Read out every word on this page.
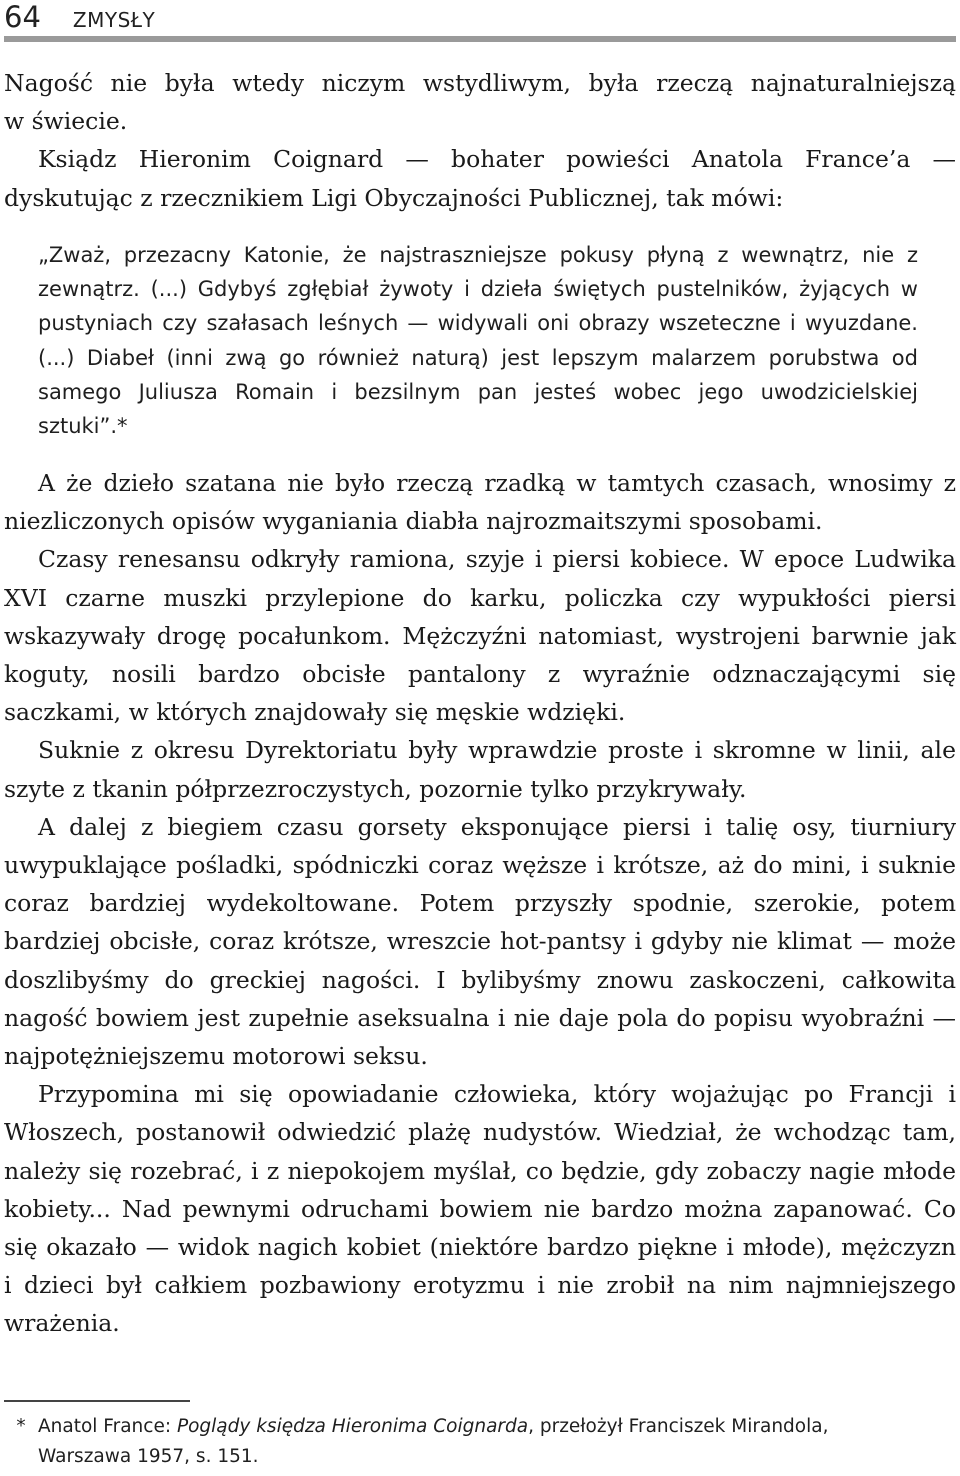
64 ZMYSŁY
Nagość nie była wtedy niczym wstydliwym, była rzeczą najnaturalniejszą
w świecie.
Ksiądz Hieronim Coignard — bohater powieści Anatola France’a — dyskutując z rzecznikiem Ligi Obyczajności Publicznej, tak mówi:

„Zważ, przezacny Katonie, że najstraszniejsze pokusy płyną z wewnątrz, nie z zewnątrz. (...) Gdybyś zgłębiał żywoty i dzieła świętych pustelników, żyjących w pustyniach czy szałasach leśnych — widywali oni obrazy wszeteczne i wyuzdane. (...) Diabeł (inni zwą go również naturą) jest lepszym malarzem porubstwa od samego Juliusza Romain i bezsilnym pan jesteś wobec jego uwodzicielskiej sztuki”.*

A że dzieło szatana nie było rzeczą rzadką w tamtych czasach, wnosimy z niezliczonych opisów wyganiania diabła najrozmaitszymi sposobami.

Czasy renesansu odkryły ramiona, szyje i piersi kobiece. W epoce Ludwika XVI czarne muszki przylepione do karku, policzka czy wypukłości piersi wskazywały drogę pocałunkom. Mężczyźni natomiast, wystrojeni barwnie jak koguty, nosili bardzo obcisłe pantalony z wyraźnie odznaczającymi się saczkami, w których znajdowały się męskie wdzięki.

Suknie z okresu Dyrektoriatu były wprawdzie proste i skromne w linii, ale szyte z tkanin półprzezroczystych, pozornie tylko przykrywały.

A dalej z biegiem czasu gorsety eksponujące piersi i talię osy, tiurniury uwypuklające pośladki, spódniczki coraz węższe i krótsze, aż do mini, i suknie coraz bardziej wydekoltowane. Potem przyszły spodnie, szerokie, potem bardziej obcisłe, coraz krótsze, wreszcie hot-pantsy i gdyby nie klimat — może doszlibyśmy do greckiej nagości. I bylibyśmy znowu zaskoczeni, całkowita nagość bowiem jest zupełnie aseksualna i nie daje pola do popisu wyobraźni — najpotężniejszemu motorowi seksu.

Przypomina mi się opowiadanie człowieka, który wojażując po Francji i Włoszech, postanowił odwiedzić plażę nudystów. Wiedział, że wchodząc tam, należy się rozebrać, i z niepokojem myślał, co będzie, gdy zobaczy nagie młode kobiety... Nad pewnymi odruchami bowiem nie bardzo można zapanować. Co się okazało — widok nagich kobiet (niektóre bardzo piękne i młode), mężczyzn i dzieci był całkiem pozbawiony erotyzmu i nie zrobił na nim najmniejszego wrażenia.

* Anatol France: Poglądy księdza Hieronima Coignarda, przełożył Franciszek Mirandola,
Warszawa 1957, s. 151.
